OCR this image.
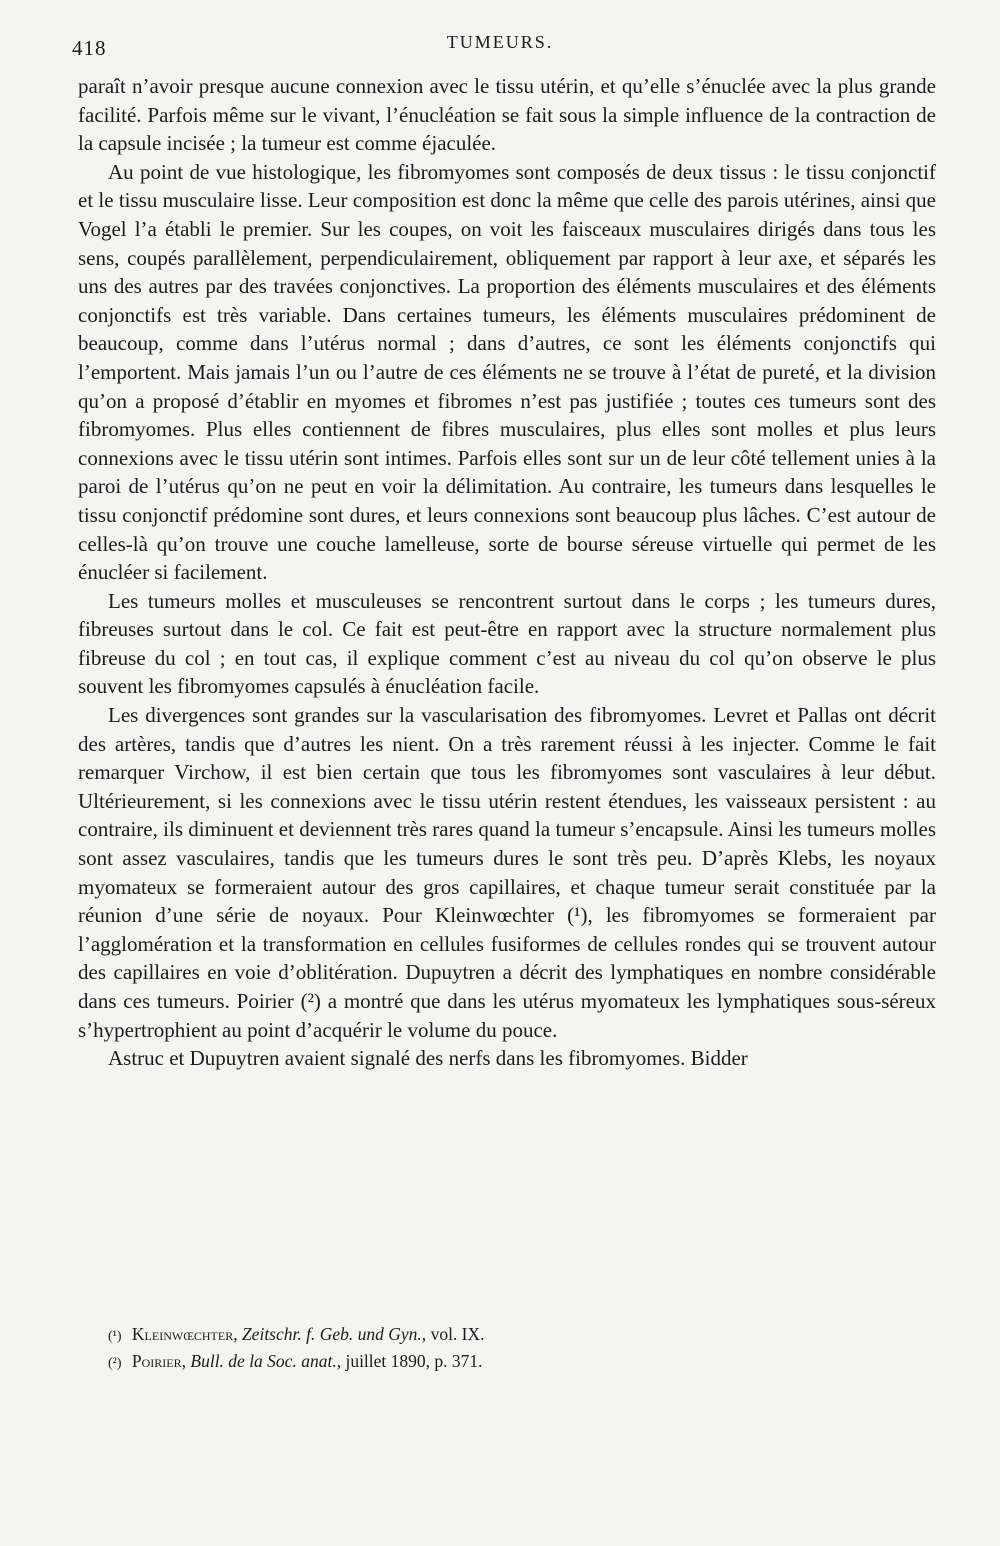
418	TUMEURS.

paraît n’avoir presque aucune connexion avec le tissu utérin, et qu’elle s’énuclée avec la plus grande facilité. Parfois même sur le vivant, l’énucléation se fait sous la simple influence de la contraction de la capsule incisée ; la tumeur est comme éjaculée.

Au point de vue histologique, les fibromyomes sont composés de deux tissus : le tissu conjonctif et le tissu musculaire lisse. Leur composition est donc la même que celle des parois utérines, ainsi que Vogel l’a établi le premier. Sur les coupes, on voit les faisceaux musculaires dirigés dans tous les sens, coupés parallèlement, perpendiculairement, obliquement par rapport à leur axe, et séparés les uns des autres par des travées conjonctives. La proportion des éléments musculaires et des éléments conjonctifs est très variable. Dans certaines tumeurs, les éléments musculaires prédominent de beaucoup, comme dans l’utérus normal ; dans d’autres, ce sont les éléments conjonctifs qui l’emportent. Mais jamais l’un ou l’autre de ces éléments ne se trouve à l’état de pureté, et la division qu’on a proposé d’établir en myomes et fibromes n’est pas justifiée ; toutes ces tumeurs sont des fibromyomes. Plus elles contiennent de fibres musculaires, plus elles sont molles et plus leurs connexions avec le tissu utérin sont intimes. Parfois elles sont sur un de leur côté tellement unies à la paroi de l’utérus qu’on ne peut en voir la délimitation. Au contraire, les tumeurs dans lesquelles le tissu conjonctif prédomine sont dures, et leurs connexions sont beaucoup plus lâches. C’est autour de celles-là qu’on trouve une couche lamelleuse, sorte de bourse séreuse virtuelle qui permet de les énucléer si facilement.

Les tumeurs molles et musculeuses se rencontrent surtout dans le corps ; les tumeurs dures, fibreuses surtout dans le col. Ce fait est peut-être en rapport avec la structure normalement plus fibreuse du col ; en tout cas, il explique comment c’est au niveau du col qu’on observe le plus souvent les fibromyomes capsulés à énucléation facile.

Les divergences sont grandes sur la vascularisation des fibromyomes. Levret et Pallas ont décrit des artères, tandis que d’autres les nient. On a très rarement réussi à les injecter. Comme le fait remarquer Virchow, il est bien certain que tous les fibromyomes sont vasculaires à leur début. Ultérieurement, si les connexions avec le tissu utérin restent étendues, les vaisseaux persistent : au contraire, ils diminuent et deviennent très rares quand la tumeur s’encapsule. Ainsi les tumeurs molles sont assez vasculaires, tandis que les tumeurs dures le sont très peu. D’après Klebs, les noyaux myomateux se formeraient autour des gros capillaires, et chaque tumeur serait constituée par la réunion d’une série de noyaux. Pour Kleinwœchter (¹), les fibromyomes se formeraient par l’agglomération et la transformation en cellules fusiformes de cellules rondes qui se trouvent autour des capillaires en voie d’oblitération. Dupuytren a décrit des lymphatiques en nombre considérable dans ces tumeurs. Poirier (²) a montré que dans les utérus myomateux les lymphatiques sous-séreux s’hypertrophient au point d’acquérir le volume du pouce.

Astruc et Dupuytren avaient signalé des nerfs dans les fibromyomes. Bidder

(¹) Kleinwœchter, Zeitschr. f. Geb. und Gyn., vol. IX.

(²) Poirier, Bull. de la Soc. anat., juillet 1890, p. 371.
